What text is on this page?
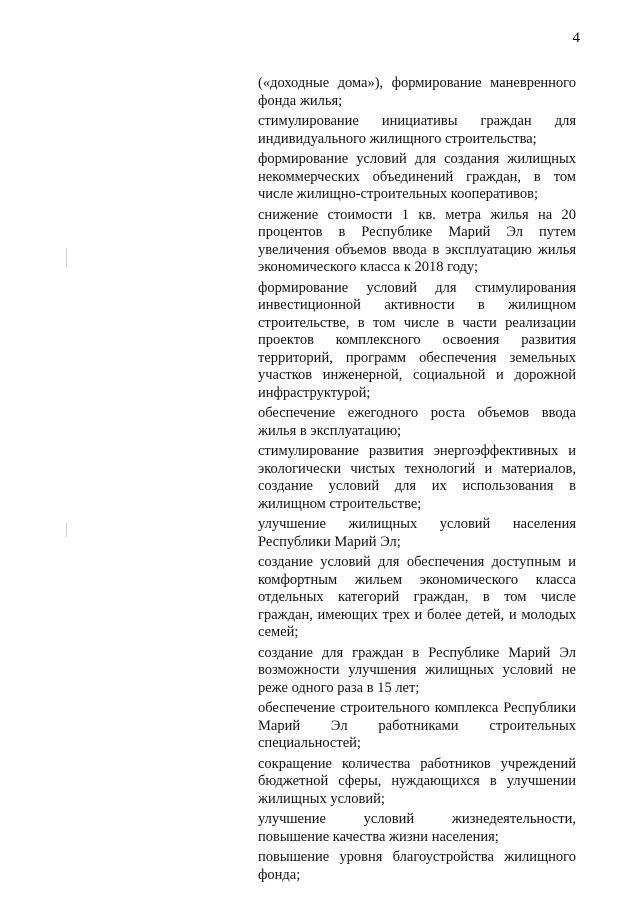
4

(«доходные дома»), формирование маневренного фонда жилья;

стимулирование инициативы граждан для индивидуального жилищного строительства;

формирование условий для создания жилищных некоммерческих объединений граждан, в том числе жилищно-строительных кооперативов;

снижение стоимости 1 кв. метра жилья на 20 процентов в Республике Марий Эл путем увеличения объемов ввода в эксплуатацию жилья экономического класса к 2018 году;

формирование условий для стимулирования инвестиционной активности в жилищном строительстве, в том числе в части реализации проектов комплексного освоения развития территорий, программ обеспечения земельных участков инженерной, социальной и дорожной инфраструктурой;

обеспечение ежегодного роста объемов ввода жилья в эксплуатацию;

стимулирование развития энергоэффективных и экологически чистых технологий и материалов, создание условий для их использования в жилищном строительстве;

улучшение жилищных условий населения Республики Марий Эл;

создание условий для обеспечения доступным и комфортным жильем экономического класса отдельных категорий граждан, в том числе граждан, имеющих трех и более детей, и молодых семей;

создание для граждан в Республике Марий Эл возможности улучшения жилищных условий не реже одного раза в 15 лет;

обеспечение строительного комплекса Республики Марий Эл работниками строительных специальностей;

сокращение количества работников учреждений бюджетной сферы, нуждающихся в улучшении жилищных условий;

улучшение условий жизнедеятельности, повышение качества жизни населения;

повышение уровня благоустройства жилищного фонда;
